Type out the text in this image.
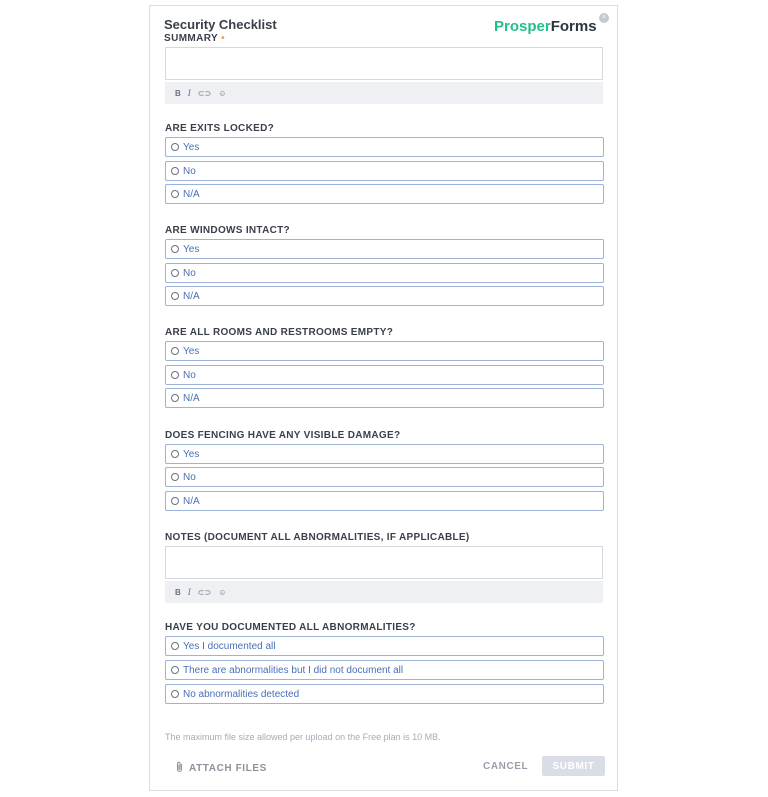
Security Checklist
SUMMARY •
ProsperForms
×
B I ⊂⊃ ☺
ARE EXITS LOCKED?
Yes
No
N/A
ARE WINDOWS INTACT?
Yes
No
N/A
ARE ALL ROOMS AND RESTROOMS EMPTY?
Yes
No
N/A
DOES FENCING HAVE ANY VISIBLE DAMAGE?
Yes
No
N/A
NOTES (DOCUMENT ALL ABNORMALITIES, IF APPLICABLE)
B I ⊂⊃ ☺
HAVE YOU DOCUMENTED ALL ABNORMALITIES?
Yes I documented all
There are abnormalities but I did not document all
No abnormalities detected
The maximum file size allowed per upload on the Free plan is 10 MB.
ATTACH FILES	CANCEL	SUBMIT
